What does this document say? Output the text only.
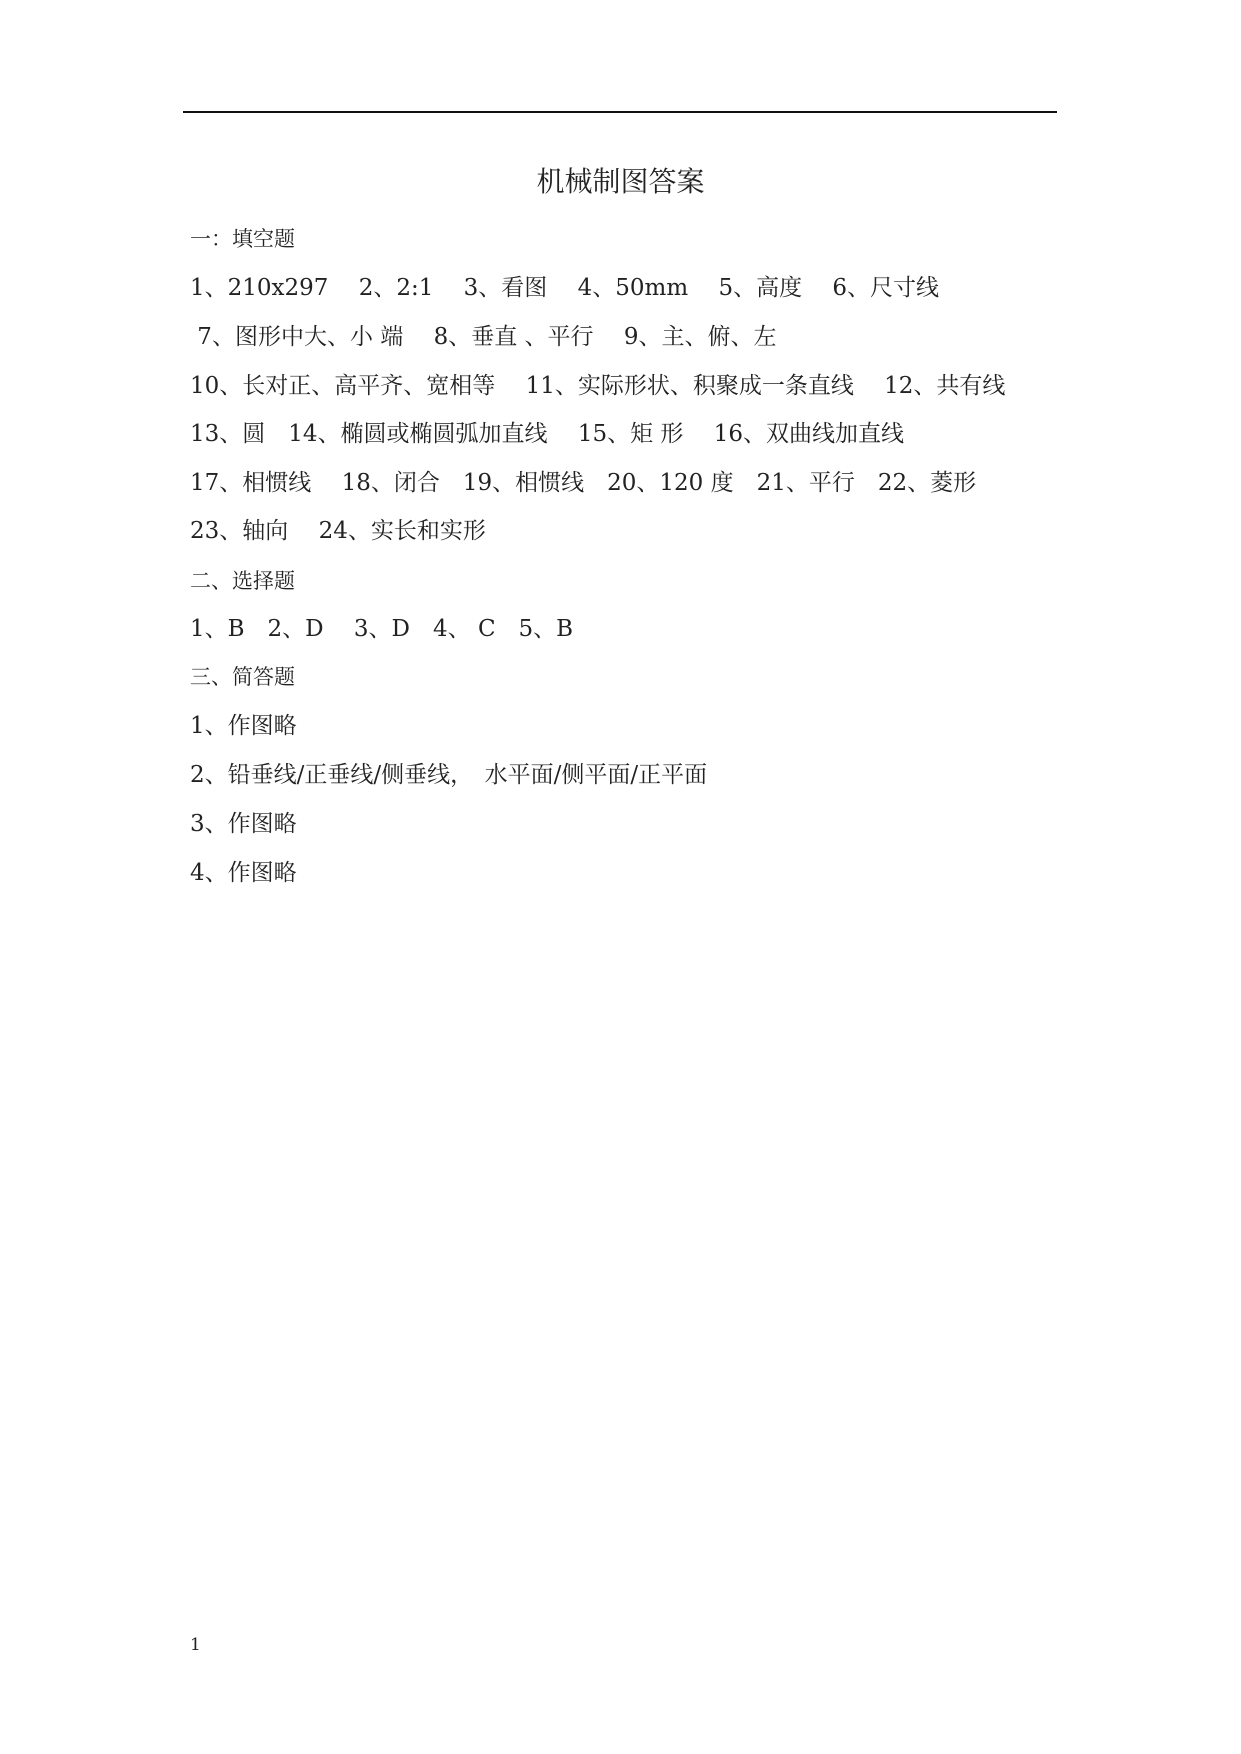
机械制图答案
一：填空题
1、210x297　 2、2:1　 3、看图　 4、50mm　 5、高度　 6、尺寸线
7、图形中大、小 端　 8、垂直 、平行　 9、主、俯、左
10、长对正、高平齐、宽相等　 11、实际形状、积聚成一条直线　 12、共有线
13、圆　14、椭圆或椭圆弧加直线　 15、矩 形　 16、双曲线加直线
17、相惯线　 18、闭合　19、相惯线　20、120 度　21、平行　22、菱形
23、轴向　 24、实长和实形
二、选择题
1、B　2、D　 3、D　4、 C　5、B
三、简答题
1、作图略
2、铅垂线/正垂线/侧垂线，　水平面/侧平面/正平面
3、作图略
4、作图略
1
